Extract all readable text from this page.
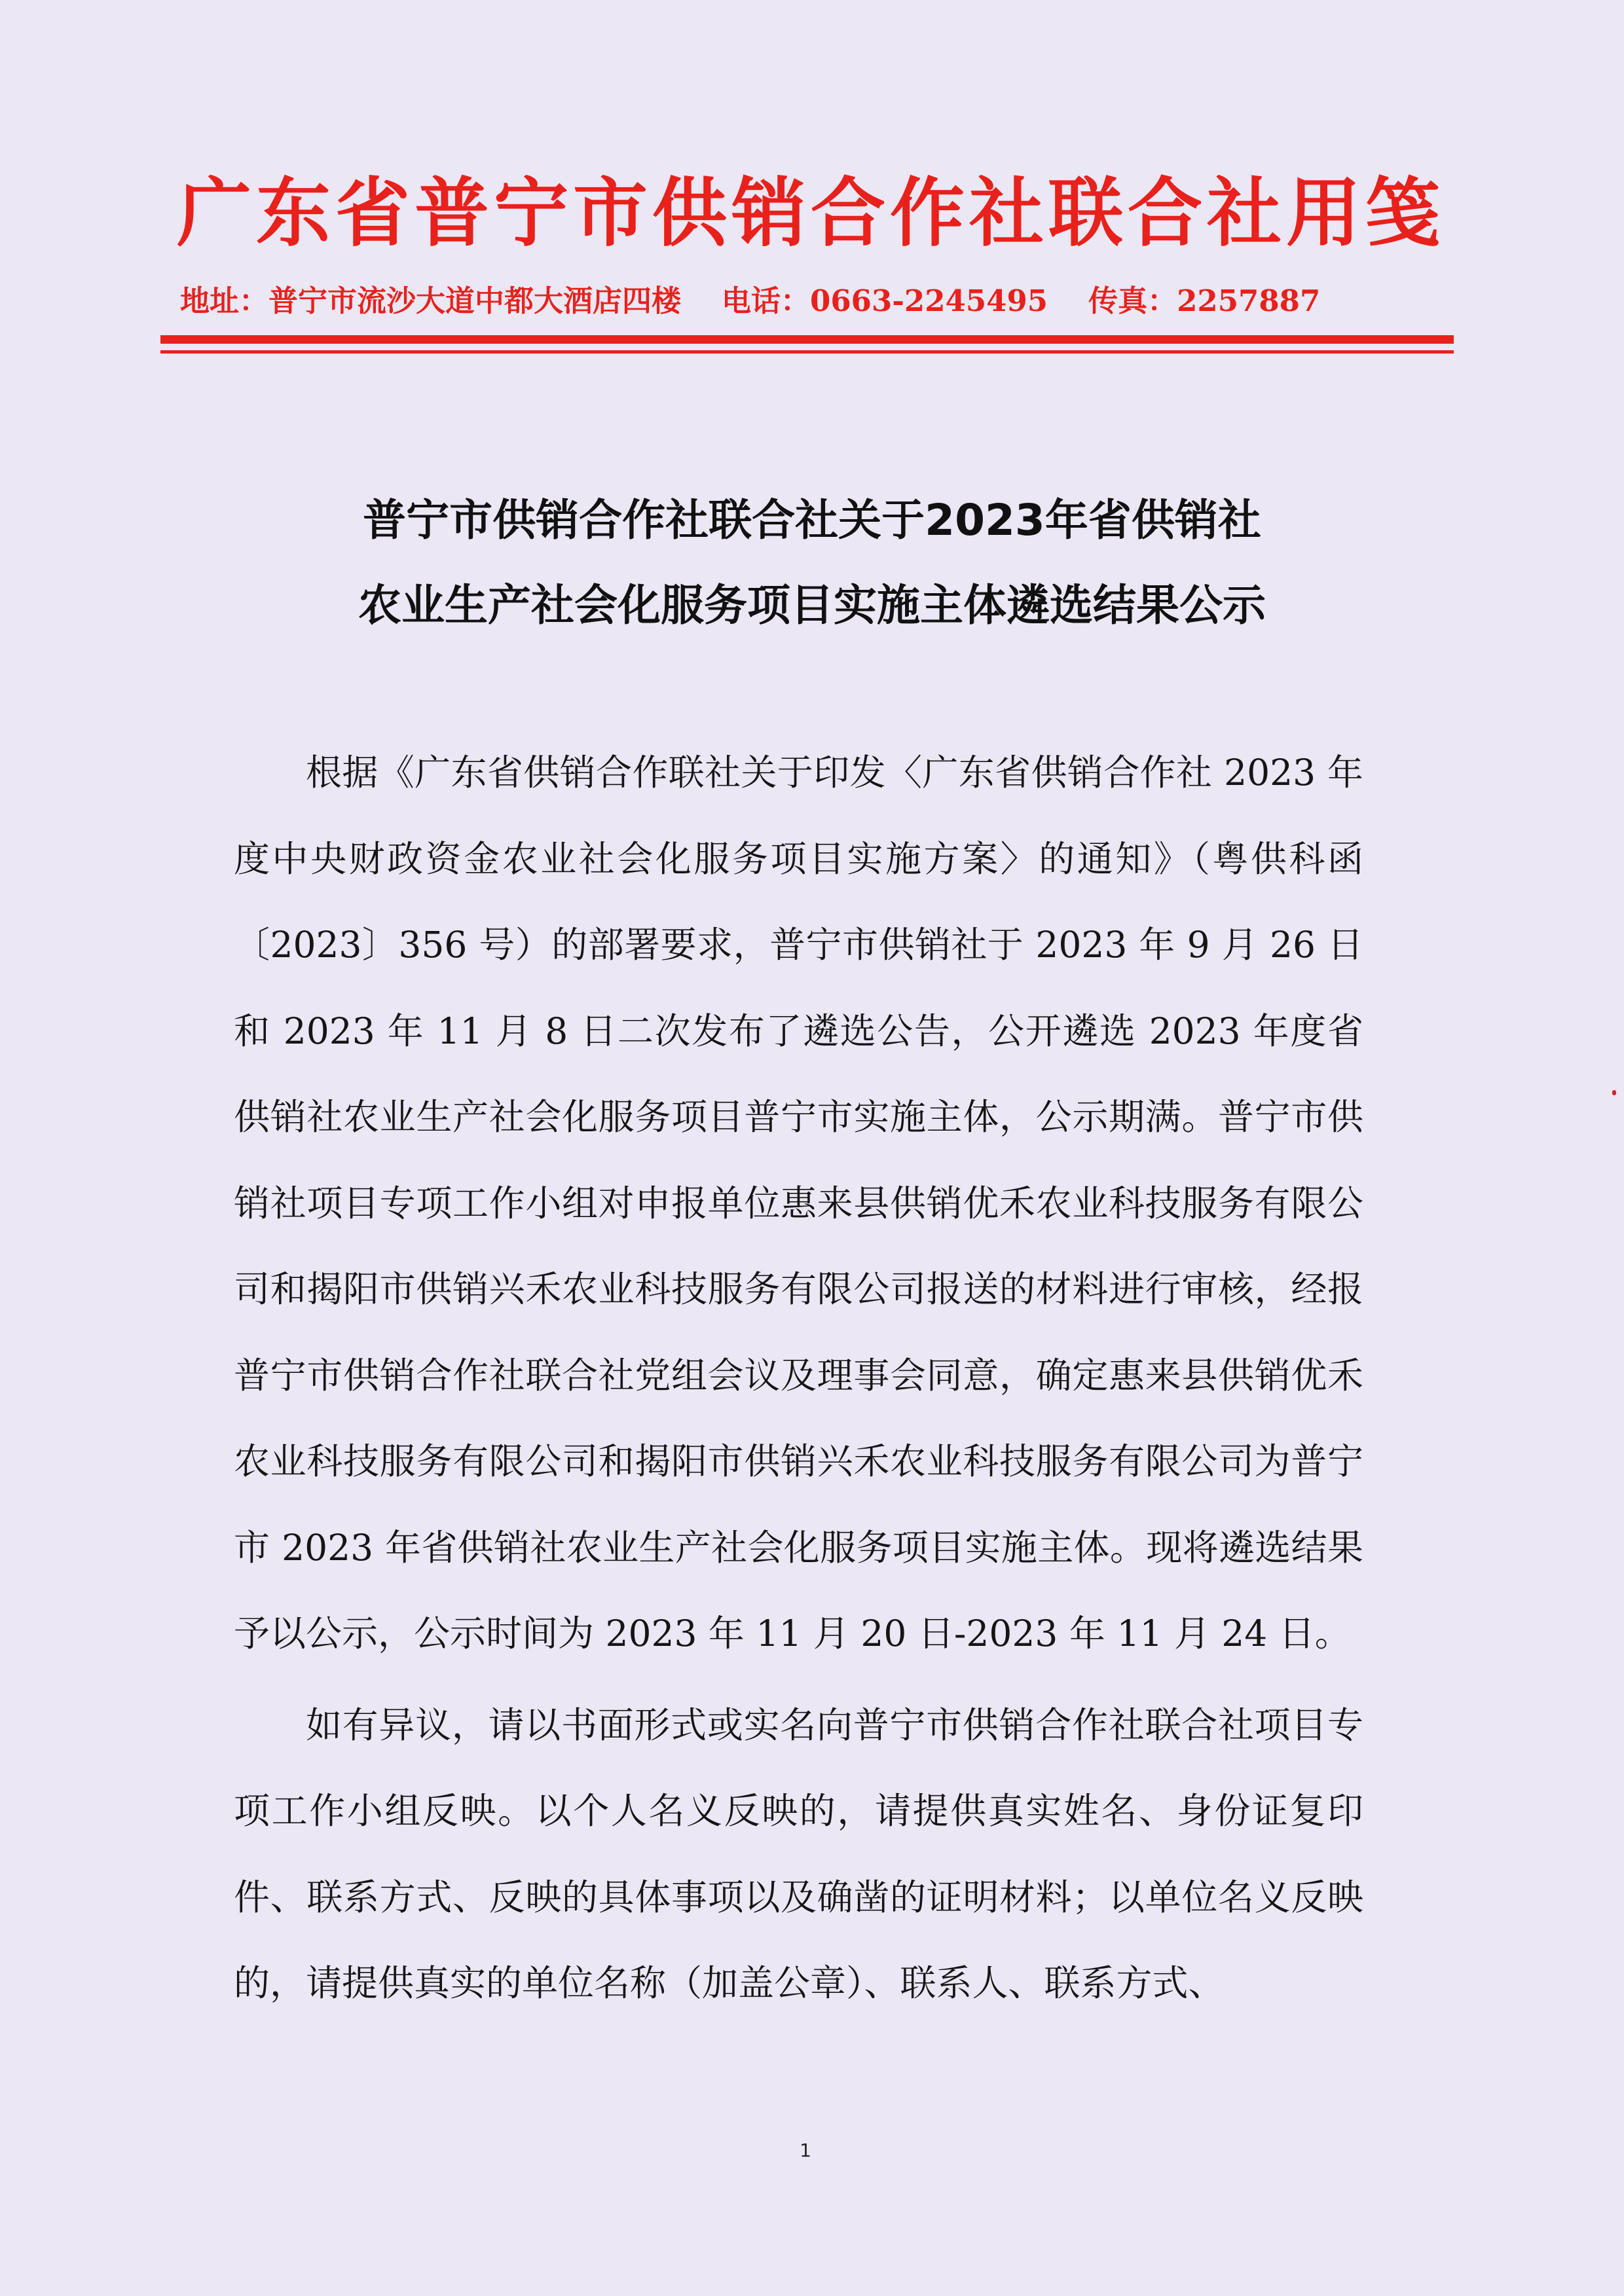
广东省普宁市供销合作社联合社用笺
地址：普宁市流沙大道中都大酒店四楼 电话：0663-2245495 传真：2257887
普宁市供销合作社联合社关于2023年省供销社
农业生产社会化服务项目实施主体遴选结果公示

根据《广东省供销合作联社关于印发〈广东省供销合作社 2023 年度中央财政资金农业社会化服务项目实施方案〉的通知》（粤供科函〔2023〕356 号）的部署要求，普宁市供销社于 2023 年 9 月 26 日和 2023 年 11 月 8 日二次发布了遴选公告，公开遴选 2023 年度省供销社农业生产社会化服务项目普宁市实施主体，公示期满。普宁市供销社项目专项工作小组对申报单位惠来县供销优禾农业科技服务有限公司和揭阳市供销兴禾农业科技服务有限公司报送的材料进行审核，经报普宁市供销合作社联合社党组会议及理事会同意，确定惠来县供销优禾农业科技服务有限公司和揭阳市供销兴禾农业科技服务有限公司为普宁市 2023 年省供销社农业生产社会化服务项目实施主体。现将遴选结果予以公示，公示时间为 2023 年 11 月 20 日-2023 年 11 月 24 日。

如有异议，请以书面形式或实名向普宁市供销合作社联合社项目专项工作小组反映。以个人名义反映的，请提供真实姓名、身份证复印件、联系方式、反映的具体事项以及确凿的证明材料；以单位名义反映的，请提供真实的单位名称（加盖公章）、联系人、联系方式、

1
